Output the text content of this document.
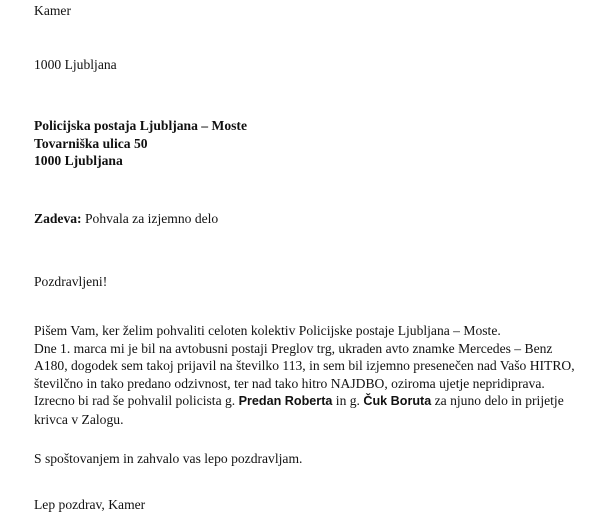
Kamer
1000 Ljubljana

Policijska postaja Ljubljana – Moste

Tovarniška ulica 50

1000 Ljubljana

Zadeva: Pohvala za izjemno delo
Pozdravljeni!

Pišem Vam, ker želim pohvaliti celoten kolektiv Policijske postaje Ljubljana – Moste.

Dne 1. marca mi je bil na avtobusni postaji Preglov trg, ukraden avto znamke Mercedes – Benz

A180, dogodek sem takoj prijavil na številko 113, in sem bil izjemno presenečen nad Vašo HITRO,

številčno in tako predano odzivnost, ter nad tako hitro NAJDBO, oziroma ujetje nepridiprava.

Izrecno bi rad še pohvalil policista g. Predan Roberta in g. Čuk Boruta za njuno delo in prijetje

krivca v Zalogu.

S spoštovanjem in zahvalo vas lepo pozdravljam.
Lep pozdrav, Kamer
